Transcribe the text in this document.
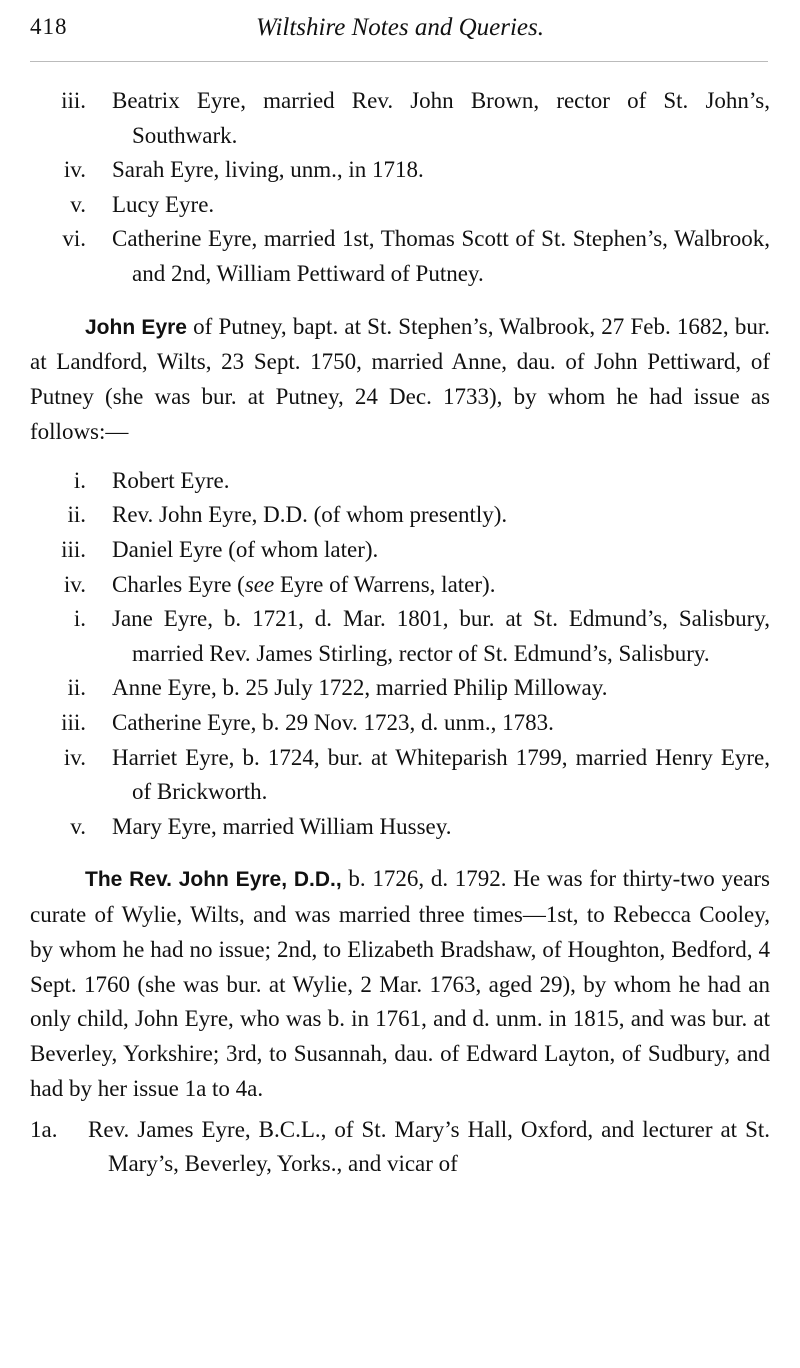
418	Wiltshire Notes and Queries.
iii. Beatrix Eyre, married Rev. John Brown, rector of St. John’s, Southwark.
iv. Sarah Eyre, living, unm., in 1718.
v. Lucy Eyre.
vi. Catherine Eyre, married 1st, Thomas Scott of St. Stephen’s, Walbrook, and 2nd, William Pettiward of Putney.

John Eyre of Putney, bapt. at St. Stephen’s, Walbrook, 27 Feb. 1682, bur. at Landford, Wilts, 23 Sept. 1750, married Anne, dau. of John Pettiward, of Putney (she was bur. at Putney, 24 Dec. 1733), by whom he had issue as follows:—

i. Robert Eyre.
ii. Rev. John Eyre, D.D. (of whom presently).
iii. Daniel Eyre (of whom later).
iv. Charles Eyre (see Eyre of Warrens, later).
i. Jane Eyre, b. 1721, d. Mar. 1801, bur. at St. Edmund’s, Salisbury, married Rev. James Stirling, rector of St. Edmund’s, Salisbury.
ii. Anne Eyre, b. 25 July 1722, married Philip Milloway.
iii. Catherine Eyre, b. 29 Nov. 1723, d. unm., 1783.
iv. Harriet Eyre, b. 1724, bur. at Whiteparish 1799, married Henry Eyre, of Brickworth.
v. Mary Eyre, married William Hussey.

The Rev. John Eyre, D.D., b. 1726, d. 1792. He was for thirty-two years curate of Wylie, Wilts, and was married three times—1st, to Rebecca Cooley, by whom he had no issue; 2nd, to Elizabeth Bradshaw, of Houghton, Bedford, 4 Sept. 1760 (she was bur. at Wylie, 2 Mar. 1763, aged 29), by whom he had an only child, John Eyre, who was b. in 1761, and d. unm. in 1815, and was bur. at Beverley, Yorkshire; 3rd, to Susannah, dau. of Edward Layton, of Sudbury, and had by her issue 1a to 4a.

1a.	Rev. James Eyre, B.C.L., of St. Mary’s Hall, Oxford, and lecturer at St. Mary’s, Beverley, Yorks., and vicar of
